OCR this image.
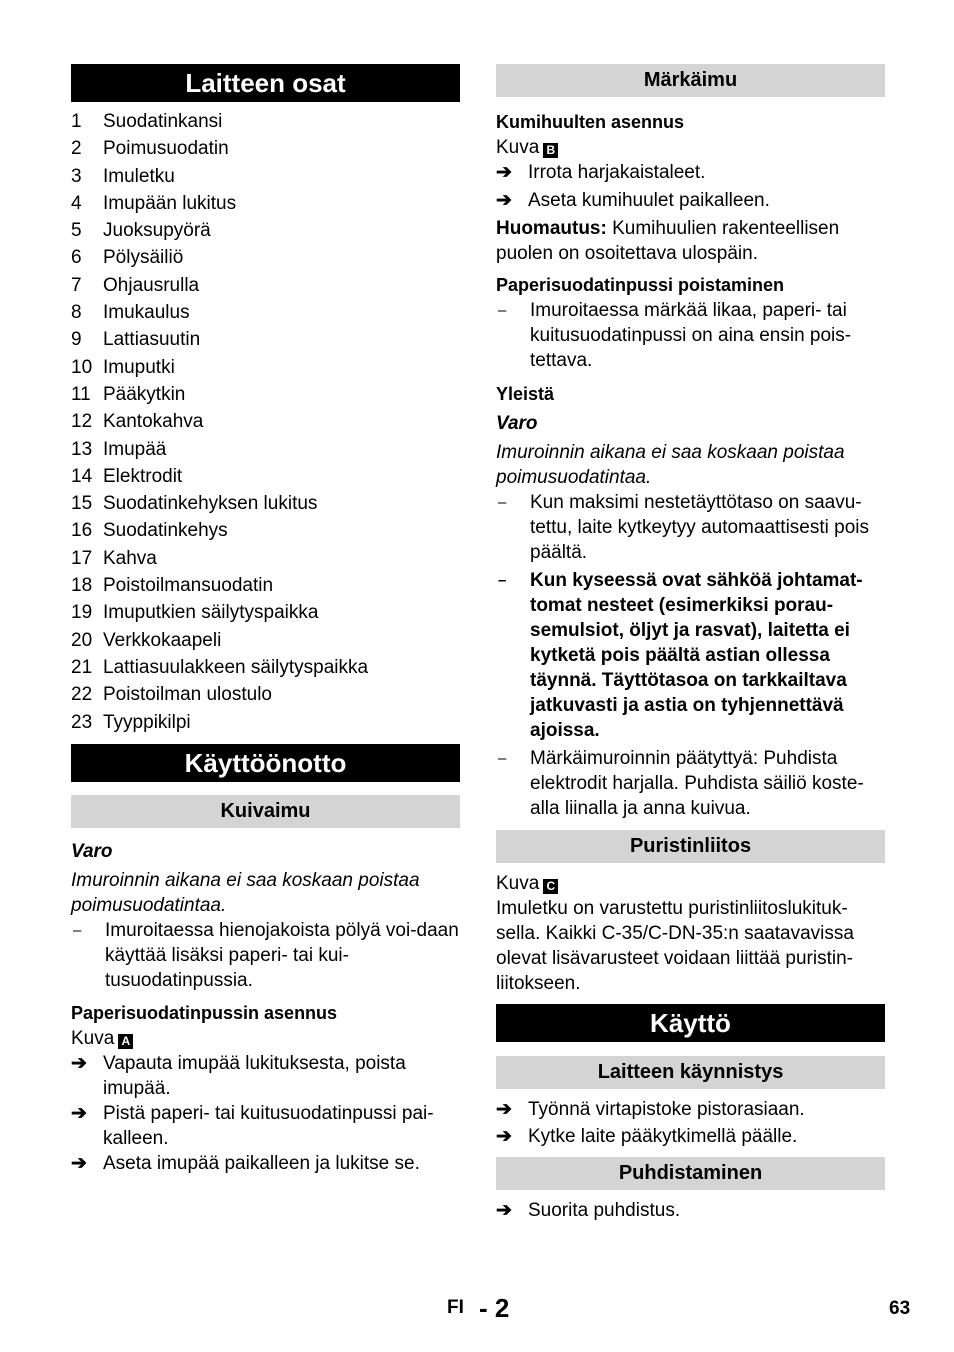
Laitteen osat
1	Suodatinkansi
2	Poimusuodatin
3	Imuletku
4	Imupään lukitus
5	Juoksupyörä
6	Pölysäiliö
7	Ohjausrulla
8	Imukaulus
9	Lattiasuutin
10 Imuputki
11 Pääkytkin
12 Kantokahva
13 Imupää
14 Elektrodit
15 Suodatinkehyksen lukitus
16 Suodatinkehys
17 Kahva
18 Poistoilmansuodatin
19 Imuputkien säilytyspaikka
20 Verkkokaapeli
21 Lattiasuulakkeen säilytyspaikka
22 Poistoilman ulostulo
23 Tyyppikilpi
Käyttöönotto
Kuivaimu

Varo

Imuroinnin aikana ei saa koskaan poistaa poimusuodatintaa.

–	Imuroitaessa hienojakoista pölyä voi-daan käyttää lisäksi paperi- tai kui-tusuodatinpussia.

Paperisuodatinpussin asennus

Kuva A

➔ Vapauta imupää lukituksesta, poista imupää.
➔ Pistä paperi- tai kuitusuodatinpussi pai-kalleen.
➔ Aseta imupää paikalleen ja lukitse se.
Märkäimu

Kumihuulten asennus

Kuva B

➔ Irrota harjakaistaleet.
➔ Aseta kumihuulet paikalleen.

Huomautus: Kumihuulien rakenteellisen puolen on osoitettava ulospäin.

Paperisuodatinpussi poistaminen

–	Imuroitaessa märkää likaa, paperi- tai kuitusuodatinpussi on aina ensin pois-tettava.

Yleistä

Varo

Imuroinnin aikana ei saa koskaan poistaa poimusuodatintaa.

–	Kun maksimi nestetäyttötaso on saavu-tettu, laite kytkeytyy automaattisesti pois päältä.
–	Kun kyseessä ovat sähköä johtamat-tomat nesteet (esimerkiksi porau-semulsiot, öljyt ja rasvat), laitetta ei kytketä pois päältä astian ollessa täynnä. Täyttötasoa on tarkkailtava jatkuvasti ja astia on tyhjennettävä ajoissa.
–	Märkäimuroinnin päätyttyä: Puhdista elektrodit harjalla. Puhdista säiliö koste-alla liinalla ja anna kuivua.
Puristinliitos

Kuva C

Imuletku on varustettu puristinliitoslukituk-sella. Kaikki C-35/C-DN-35:n saatavavissa olevat lisävarusteet voidaan liittää puristin-liitokseen.

Käyttö
Laitteen käynnistys
➔ Työnnä virtapistoke pistorasiaan.
➔ Kytke laite pääkytkimellä päälle.
Puhdistaminen
➔ Suorita puhdistus.
FI - 2	63
